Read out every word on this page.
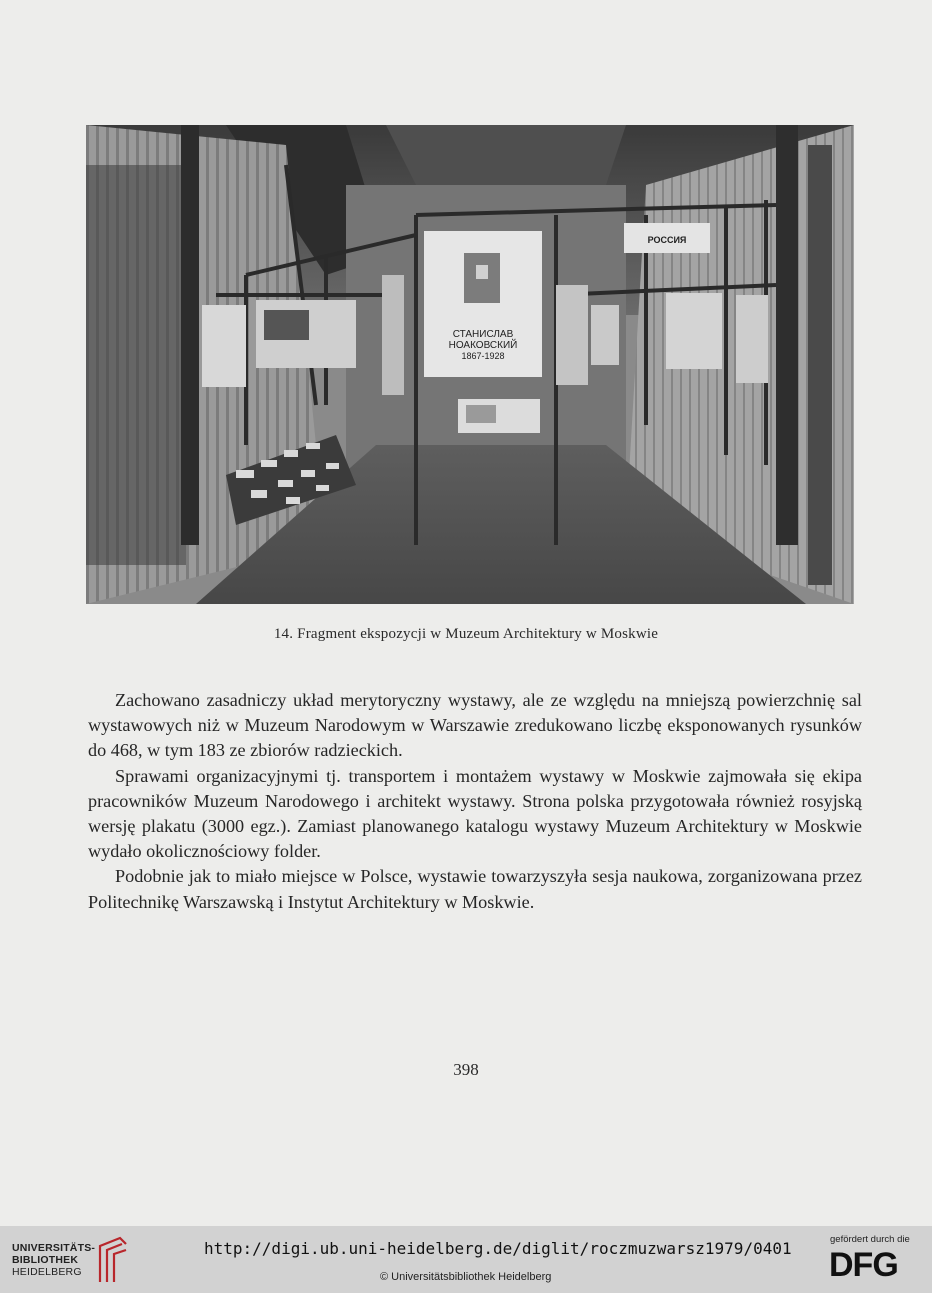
РОССИЯ
СТАНИСЛАВ
НОАКОВСКИЙ
1867-1928
14. Fragment ekspozycji w Muzeum Architektury w Moskwie

Zachowano zasadniczy układ merytoryczny wystawy, ale ze względu na mniejszą powierzchnię sal wystawowych niż w Muzeum Narodowym w Warszawie zredukowano liczbę eksponowanych rysunków do 468, w tym 183 ze zbiorów radzieckich.

Sprawami organizacyjnymi tj. transportem i montażem wystawy w Moskwie zajmowała się ekipa pracowników Muzeum Narodowego i architekt wystawy. Strona polska przygotowała również rosyjską wersję plakatu (3000 egz.). Zamiast planowanego katalogu wystawy Muzeum Architektury w Moskwie wydało okolicznościowy folder.

Podobnie jak to miało miejsce w Polsce, wystawie towarzyszyła sesja naukowa, zorganizowana przez Politechnikę Warszawską i Instytut Architektury w Moskwie.

398
UNIVERSITÄTS-
BIBLIOTHEK
HEIDELBERG
http://digi.ub.uni-heidelberg.de/diglit/roczmuzwarsz1979/0401
© Universitätsbibliothek Heidelberg
gefördert durch die
DFG
